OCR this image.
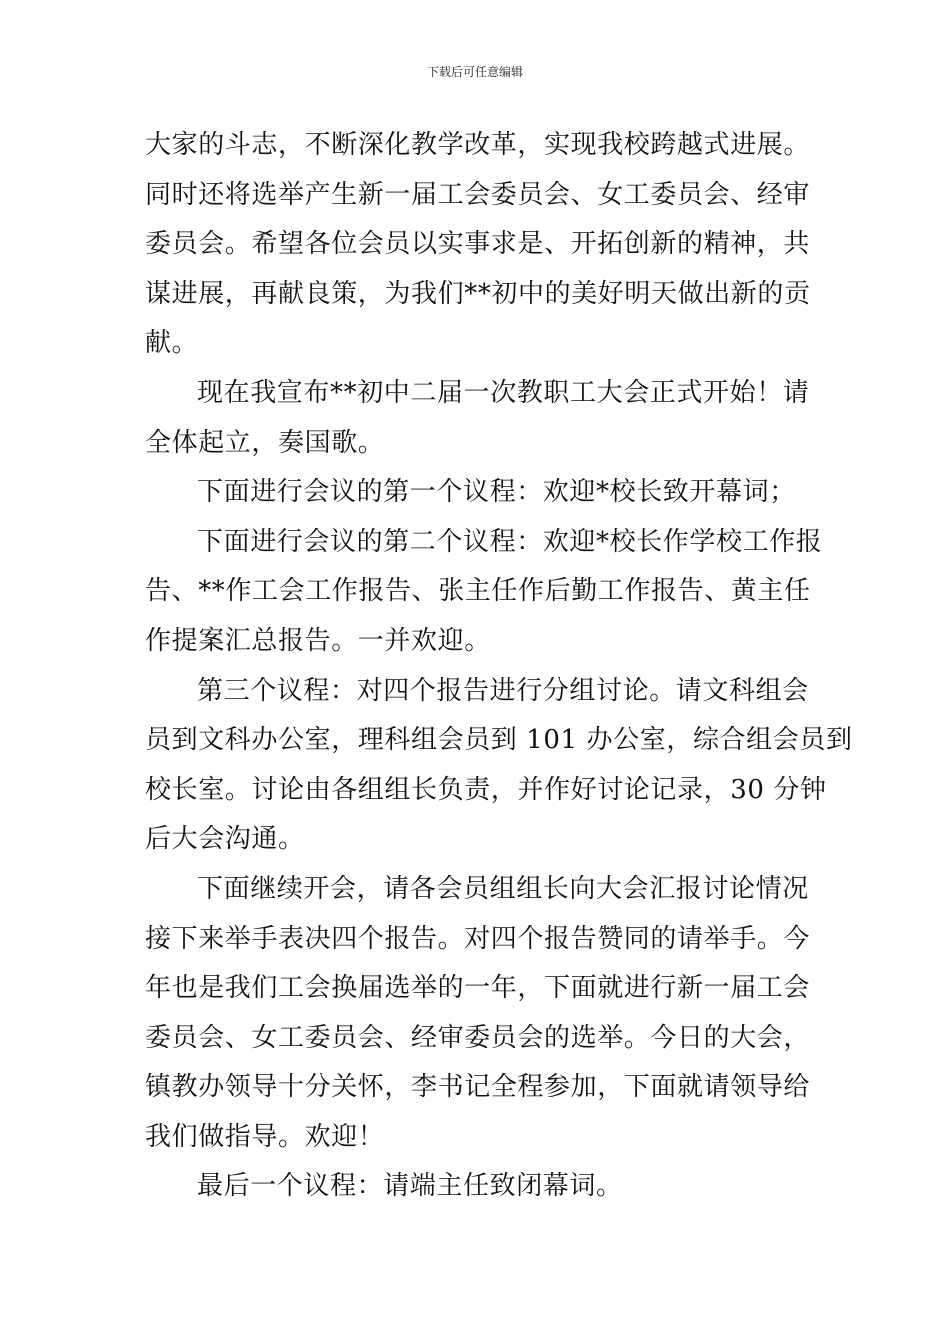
下载后可任意编辑
大家的斗志，不断深化教学改革，实现我校跨越式进展。
同时还将选举产生新一届工会委员会、女工委员会、经审
委员会。希望各位会员以实事求是、开拓创新的精神，共
谋进展，再献良策，为我们**初中的美好明天做出新的贡
献。
现在我宣布**初中二届一次教职工大会正式开始！请
全体起立，奏国歌。
下面进行会议的第一个议程：欢迎*校长致开幕词；
下面进行会议的第二个议程：欢迎*校长作学校工作报
告、**作工会工作报告、张主任作后勤工作报告、黄主任
作提案汇总报告。一并欢迎。
第三个议程：对四个报告进行分组讨论。请文科组会
员到文科办公室，理科组会员到 101 办公室，综合组会员到
校长室。讨论由各组组长负责，并作好讨论记录，30 分钟
后大会沟通。
下面继续开会，请各会员组组长向大会汇报讨论情况
接下来举手表决四个报告。对四个报告赞同的请举手。今
年也是我们工会换届选举的一年，下面就进行新一届工会
委员会、女工委员会、经审委员会的选举。今日的大会，
镇教办领导十分关怀，李书记全程参加，下面就请领导给
我们做指导。欢迎！
最后一个议程：请端主任致闭幕词。
